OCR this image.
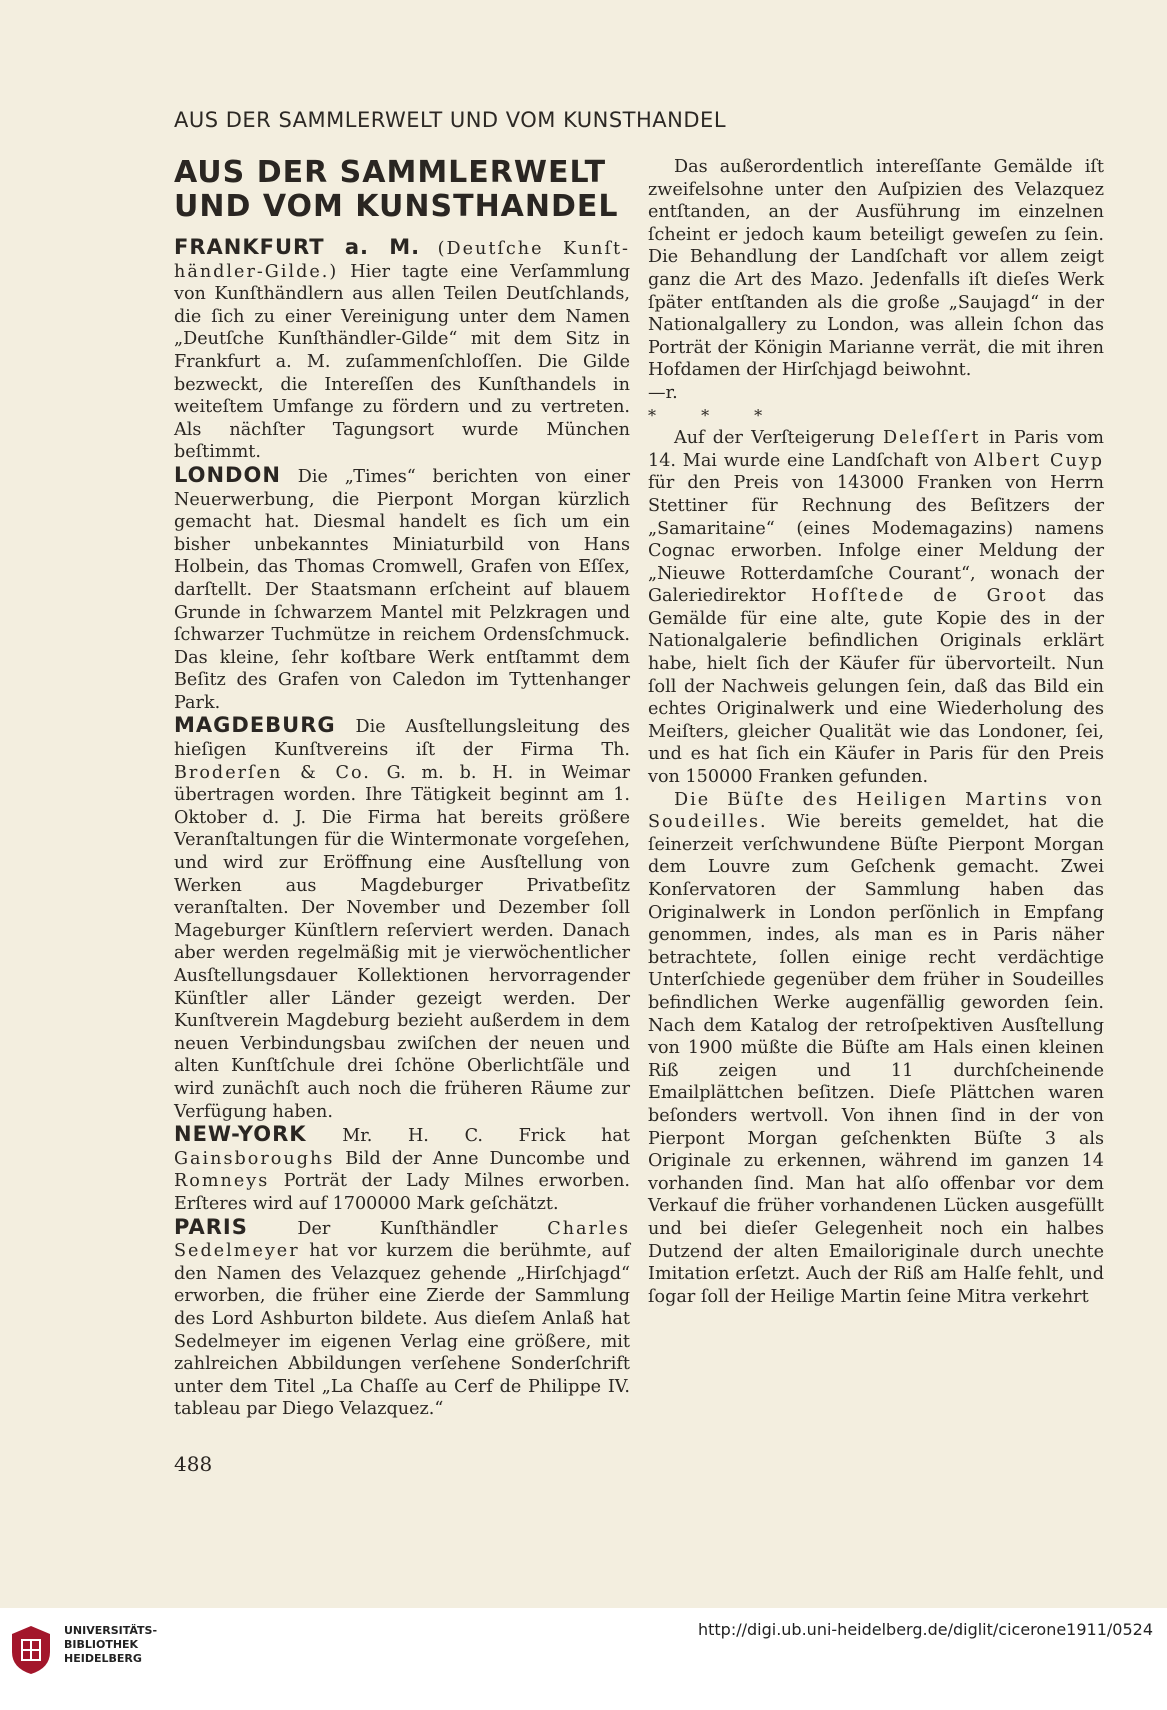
AUS DER SAMMLERWELT UND VOM KUNSTHANDEL
AUS DER SAMMLERWELT
UND VOM KUNSTHANDEL

FRANKFURT a. M. (Deutſche Kunſt-händler-Gilde.) Hier tagte eine Verſammlung von Kunſthändlern aus allen Teilen Deutſchlands, die ſich zu einer Vereinigung unter dem Namen „Deutſche Kunſthändler-Gilde“ mit dem Sitz in Frankfurt a. M. zuſammenſchloſſen. Die Gilde bezweckt, die Intereſſen des Kunſthandels in weiteſtem Umfange zu fördern und zu vertreten. Als nächſter Tagungsort wurde München beſtimmt.

LONDON Die „Times“ berichten von einer Neuerwerbung, die Pierpont Morgan kürzlich gemacht hat. Diesmal handelt es ſich um ein bisher unbekanntes Miniaturbild von Hans Holbein, das Thomas Cromwell, Grafen von Eſſex, darſtellt. Der Staatsmann erſcheint auf blauem Grunde in ſchwarzem Mantel mit Pelzkragen und ſchwarzer Tuchmütze in reichem Ordensſchmuck. Das kleine, ſehr koſtbare Werk entſtammt dem Beſitz des Grafen von Caledon im Tyttenhanger Park.

MAGDEBURG Die Ausſtellungsleitung des hieſigen Kunſtvereins iſt der Firma Th. Broderſen & Co. G. m. b. H. in Weimar übertragen worden. Ihre Tätigkeit beginnt am 1. Oktober d. J. Die Firma hat bereits größere Veranſtaltungen für die Wintermonate vorgeſehen, und wird zur Eröffnung eine Ausſtellung von Werken aus Magdeburger Privatbeſitz veranſtalten. Der November und Dezember ſoll Mageburger Künſtlern reſerviert werden. Danach aber werden regelmäßig mit je vierwöchentlicher Ausſtellungsdauer Kollektionen hervorragender Künſtler aller Länder gezeigt werden. Der Kunſtverein Magdeburg bezieht außerdem in dem neuen Verbindungsbau zwiſchen der neuen und alten Kunſtſchule drei ſchöne Oberlichtſäle und wird zunächſt auch noch die früheren Räume zur Verfügung haben.

NEW-YORK Mr. H. C. Frick hat Gainsboroughs Bild der Anne Duncombe und Romneys Porträt der Lady Milnes erworben. Erſteres wird auf 1700000 Mark geſchätzt.

PARIS Der Kunſthändler Charles Sedelmeyer hat vor kurzem die berühmte, auf den Namen des Velazquez gehende „Hirſchjagd“ erworben, die früher eine Zierde der Sammlung des Lord Ashburton bildete. Aus dieſem Anlaß hat Sedelmeyer im eigenen Verlag eine größere, mit zahlreichen Abbildungen verſehene Sonderſchrift unter dem Titel „La Chaſſe au Cerf de Philippe IV. tableau par Diego Velazquez.“

Das außerordentlich intereſſante Gemälde iſt zweifelsohne unter den Auſpizien des Velazquez entſtanden, an der Ausführung im einzelnen ſcheint er jedoch kaum beteiligt geweſen zu ſein. Die Behandlung der Landſchaft vor allem zeigt ganz die Art des Mazo. Jedenfalls iſt dieſes Werk ſpäter entſtanden als die große „Saujagd“ in der Nationalgallery zu London, was allein ſchon das Porträt der Königin Marianne verrät, die mit ihren Hofdamen der Hirſchjagd beiwohnt.

—r.

* * *

Auf der Verſteigerung Deleſſert in Paris vom 14. Mai wurde eine Landſchaft von Albert Cuyp für den Preis von 143000 Franken von Herrn Stettiner für Rechnung des Beſitzers der „Samaritaine“ (eines Modemagazins) namens Cognac erworben. Infolge einer Meldung der „Nieuwe Rotterdamſche Courant“, wonach der Galeriedirektor Hofſtede de Groot das Gemälde für eine alte, gute Kopie des in der Nationalgalerie befindlichen Originals erklärt habe, hielt ſich der Käufer für übervorteilt. Nun ſoll der Nachweis gelungen ſein, daß das Bild ein echtes Originalwerk und eine Wiederholung des Meiſters, gleicher Qualität wie das Londoner, ſei, und es hat ſich ein Käufer in Paris für den Preis von 150000 Franken gefunden.

Die Büſte des Heiligen Martins von Soudeilles. Wie bereits gemeldet, hat die ſeinerzeit verſchwundene Büſte Pierpont Morgan dem Louvre zum Geſchenk gemacht. Zwei Konſervatoren der Sammlung haben das Originalwerk in London perſönlich in Empfang genommen, indes, als man es in Paris näher betrachtete, ſollen einige recht verdächtige Unterſchiede gegenüber dem früher in Soudeilles befindlichen Werke augenfällig geworden ſein. Nach dem Katalog der retroſpektiven Ausſtellung von 1900 müßte die Büſte am Hals einen kleinen Riß zeigen und 11 durchſcheinende Emailplättchen beſitzen. Dieſe Plättchen waren beſonders wertvoll. Von ihnen ſind in der von Pierpont Morgan geſchenkten Büſte 3 als Originale zu erkennen, während im ganzen 14 vorhanden ſind. Man hat alſo offenbar vor dem Verkauf die früher vorhandenen Lücken ausgefüllt und bei dieſer Gelegenheit noch ein halbes Dutzend der alten Emailoriginale durch unechte Imitation erſetzt. Auch der Riß am Halſe fehlt, und ſogar ſoll der Heilige Martin ſeine Mitra verkehrt

488
UNIVERSITÄTS-
BIBLIOTHEK
HEIDELBERG
http://digi.ub.uni-heidelberg.de/diglit/cicerone1911/0524
